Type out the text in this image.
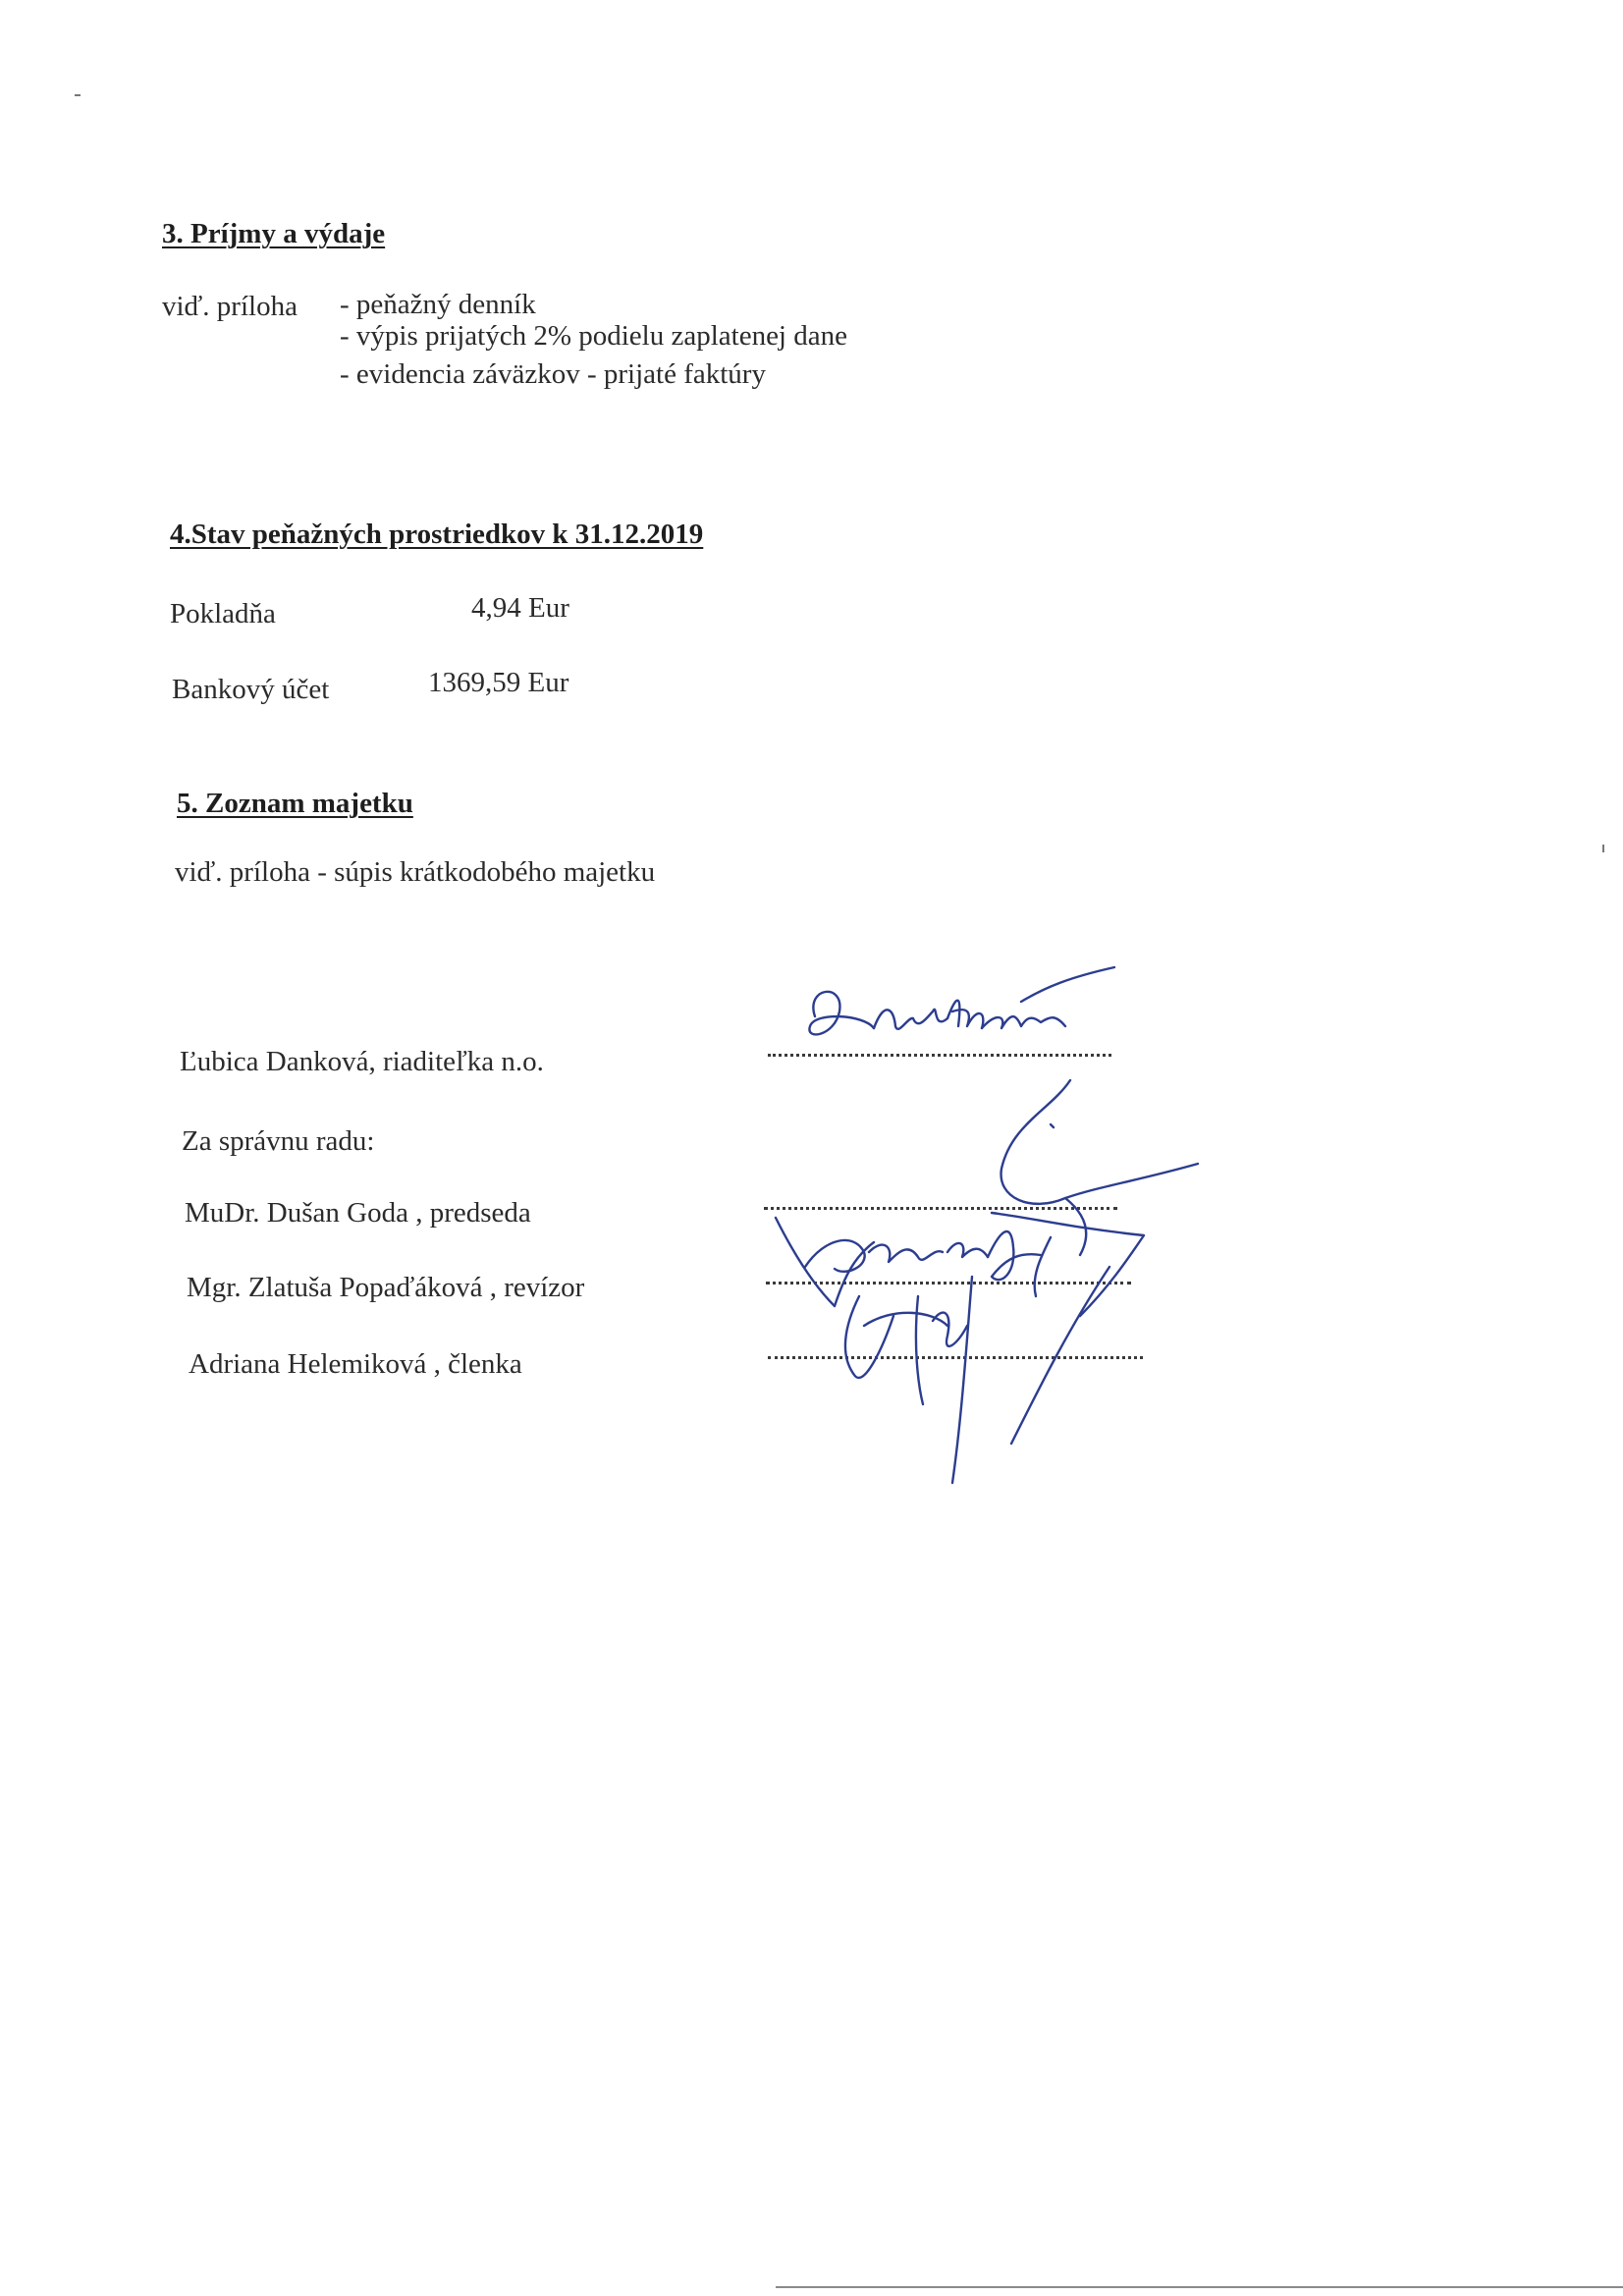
3. Príjmy a výdaje
viď. príloha - peňažný denník
- výpis prijatých 2% podielu zaplatenej dane
- evidencia záväzkov - prijaté faktúry
4.Stav peňažných prostriedkov k 31.12.2019
Pokladňa	4,94 Eur
Bankový účet	1369,59 Eur
5. Zoznam majetku
viď. príloha - súpis krátkodobého majetku
Ľubica Danková, riaditeľka n.o.
Za správnu radu:
MuDr. Dušan Goda , predseda
Mgr. Zlatuša Popaďáková , revízor
Adriana Helemiková , členka
